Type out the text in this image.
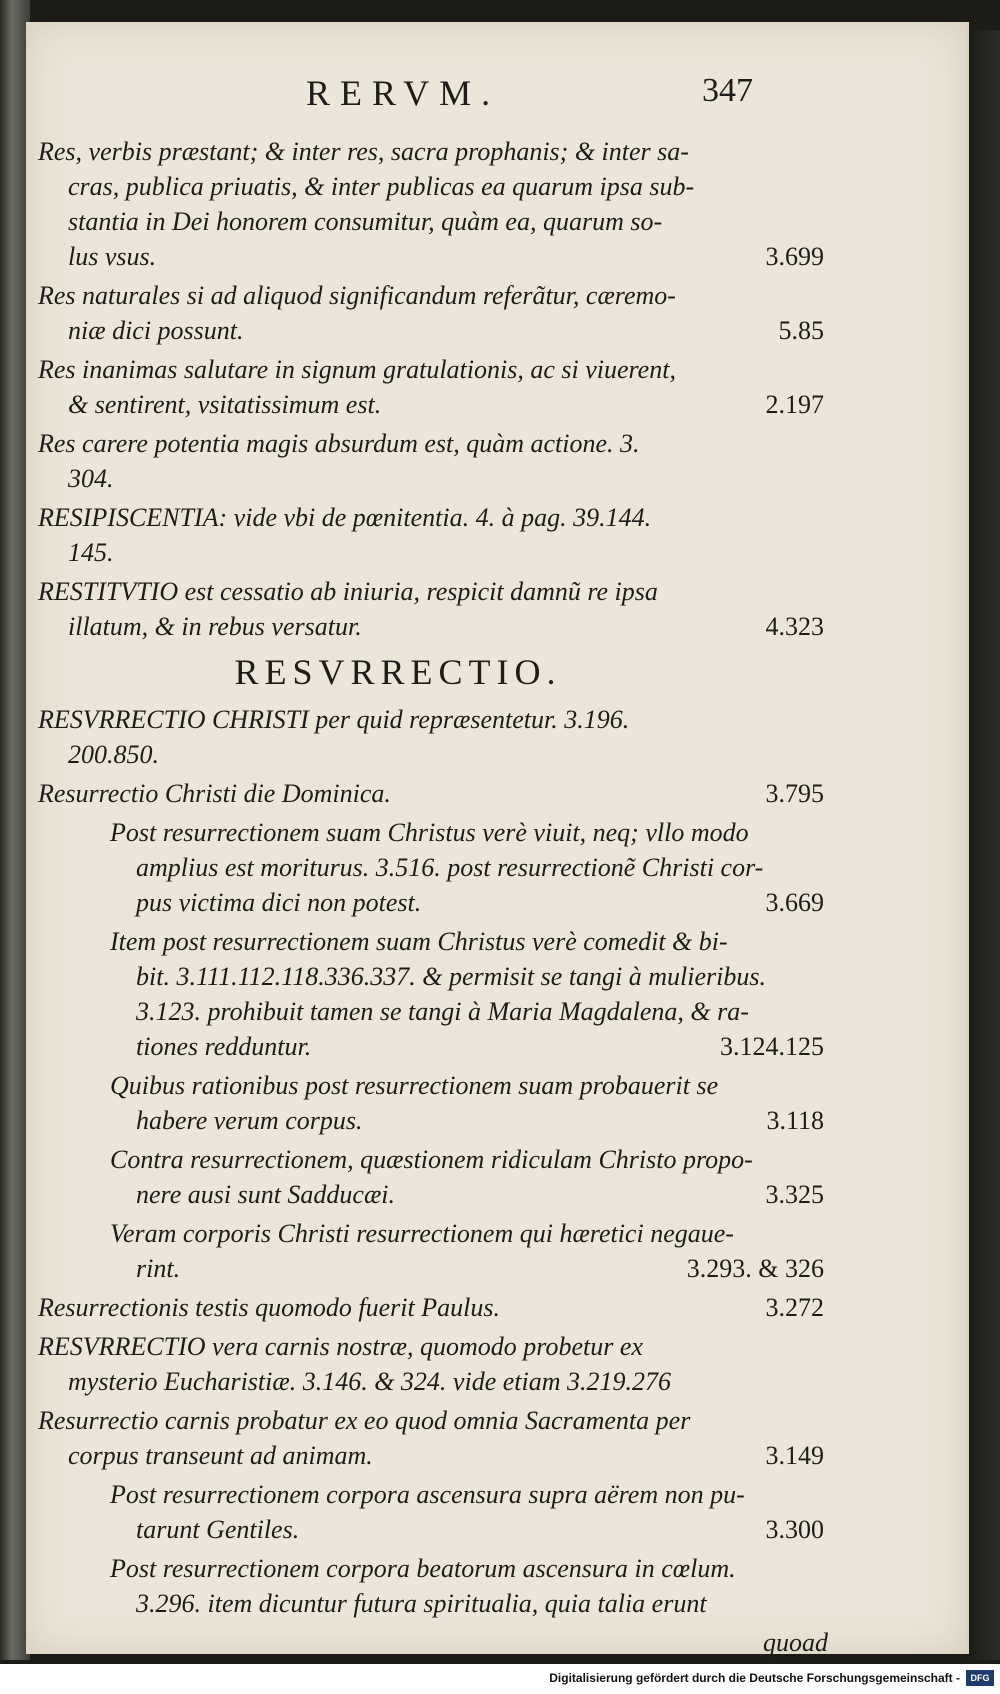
RERVM.	347
Res, verbis præstant; & inter res, sacra prophanis; & inter sa-
cras, publica priuatis, & inter publicas ea quarum ipsa sub-
stantia in Dei honorem consumitur, quàm ea, quarum so-
lus vsus.	3.699
Res naturales si ad aliquod significandum referãtur, cæremo-
niæ dici possunt.	5.85
Res inanimas salutare in signum gratulationis, ac si viuerent,
& sentirent, vsitatissimum est.	2.197
Res carere potentia magis absurdum est, quàm actione. 3.
304.
RESIPISCENTIA: vide vbi de pœnitentia. 4. à pag. 39.144.
145.
RESTITVTIO est cessatio ab iniuria, respicit damnũ re ipsa
illatum, & in rebus versatur.	4.323
RESVRRECTIO.
RESVRRECTIO CHRISTI per quid repræsentetur. 3.196.
200.850.
Resurrectio Christi die Dominica.	3.795
Post resurrectionem suam Christus verè viuit, neq; vllo modo
amplius est moriturus. 3.516. post resurrectionẽ Christi cor-
pus victima dici non potest.	3.669
Item post resurrectionem suam Christus verè comedit & bi-
bit. 3.111.112.118.336.337. & permisit se tangi à mulieribus.
3.123. prohibuit tamen se tangi à Maria Magdalena, & ra-
tiones redduntur.	3.124.125
Quibus rationibus post resurrectionem suam probauerit se
habere verum corpus.	3.118
Contra resurrectionem, quæstionem ridiculam Christo propo-
nere ausi sunt Sadducæi.	3.325
Veram corporis Christi resurrectionem qui hæretici negaue-
rint.	3.293. & 326
Resurrectionis testis quomodo fuerit Paulus.	3.272
RESVRRECTIO vera carnis nostræ, quomodo probetur ex
mysterio Eucharistiæ. 3.146. & 324. vide etiam 3.219.276
Resurrectio carnis probatur ex eo quod omnia Sacramenta per
corpus transeunt ad animam.	3.149
Post resurrectionem corpora ascensura supra aërem non pu-
tarunt Gentiles.	3.300
Post resurrectionem corpora beatorum ascensura in cœlum.
3.296. item dicuntur futura spiritualia, quia talia erunt
quoad
Digitalisierung gefördert durch die Deutsche Forschungsgemeinschaft -	DFG
